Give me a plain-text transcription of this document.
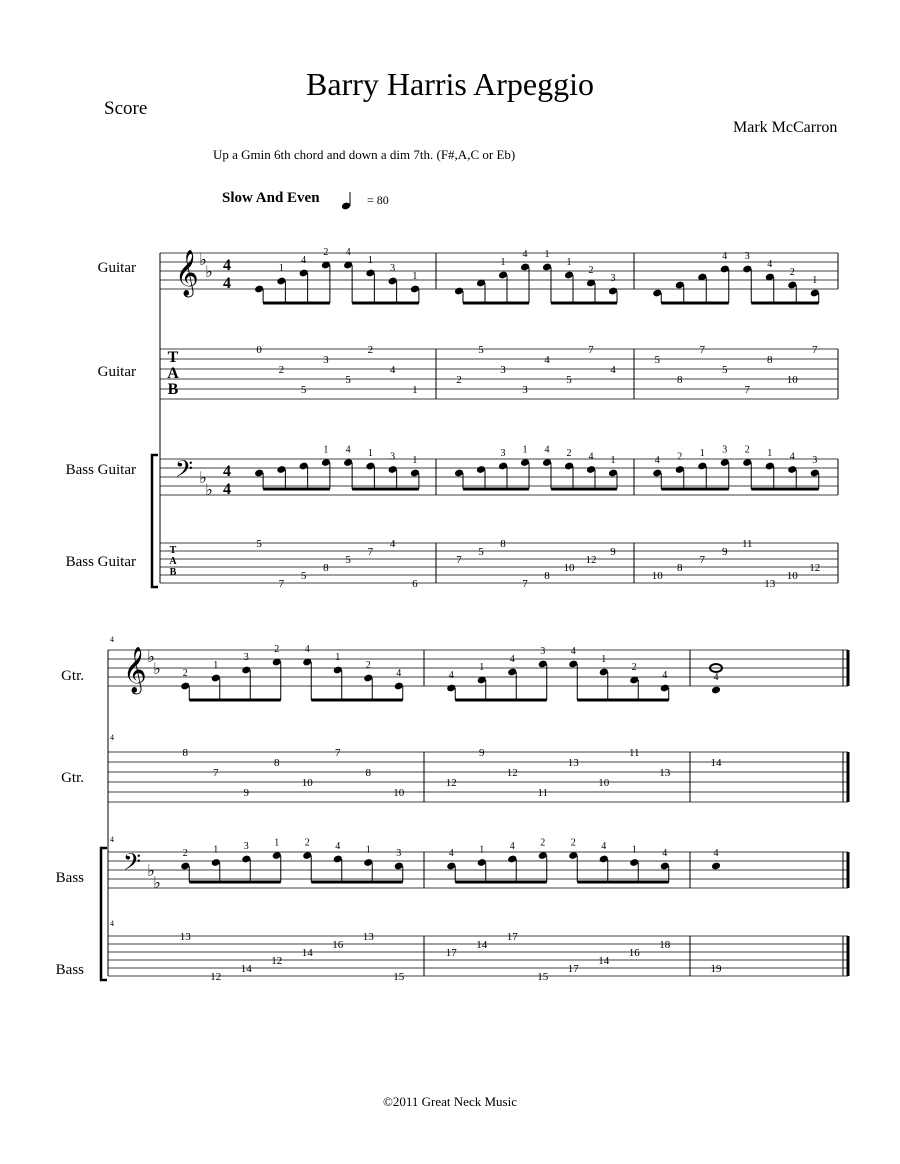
Barry Harris Arpeggio
Score
Mark McCarron
Up a Gmin 6th chord and down a dim 7th. (F#,A,C or Eb)
Slow And Even	= 80
Guitar
Guitar
Bass Guitar
Bass Guitar
Gtr.
Gtr.
Bass
Bass
𝄞
𝄢
T
A
B
T
A
B
♭
♭
♭
♭
4
4
4
4
1
4
2 4
1
3
1
0
2
5
3
5
2
4
1
1 4 1 3 1
5
7
5
8
5
7
4
6
1
4 1
1
2
3
2
5
3
3
4
5
7
4
3 1 4 2 4 1
7
5
8
7
8
10
12
9
4 3
4
2
1
5
8
7
5
7
8
10
7
4 2 1 3 2 1 4 3
10
8
7
9
11
13
10
12
𝄞
𝄢
♭
♭
♭
♭
4
4
4
4
2
1
3
2	4
1
2
4
8
7
9
8
10
7
8
10
2	1	3	1	2	4	1	3
13
12
14
12
14
16
13
15
4
1
4
3	4
1
2
4
12
9
12
11
13
10
11
13
4	1	4	2	2	4	1	4
17
14
17
15
17
14
16
18
4
14
4
19
©2011 Great Neck Music
